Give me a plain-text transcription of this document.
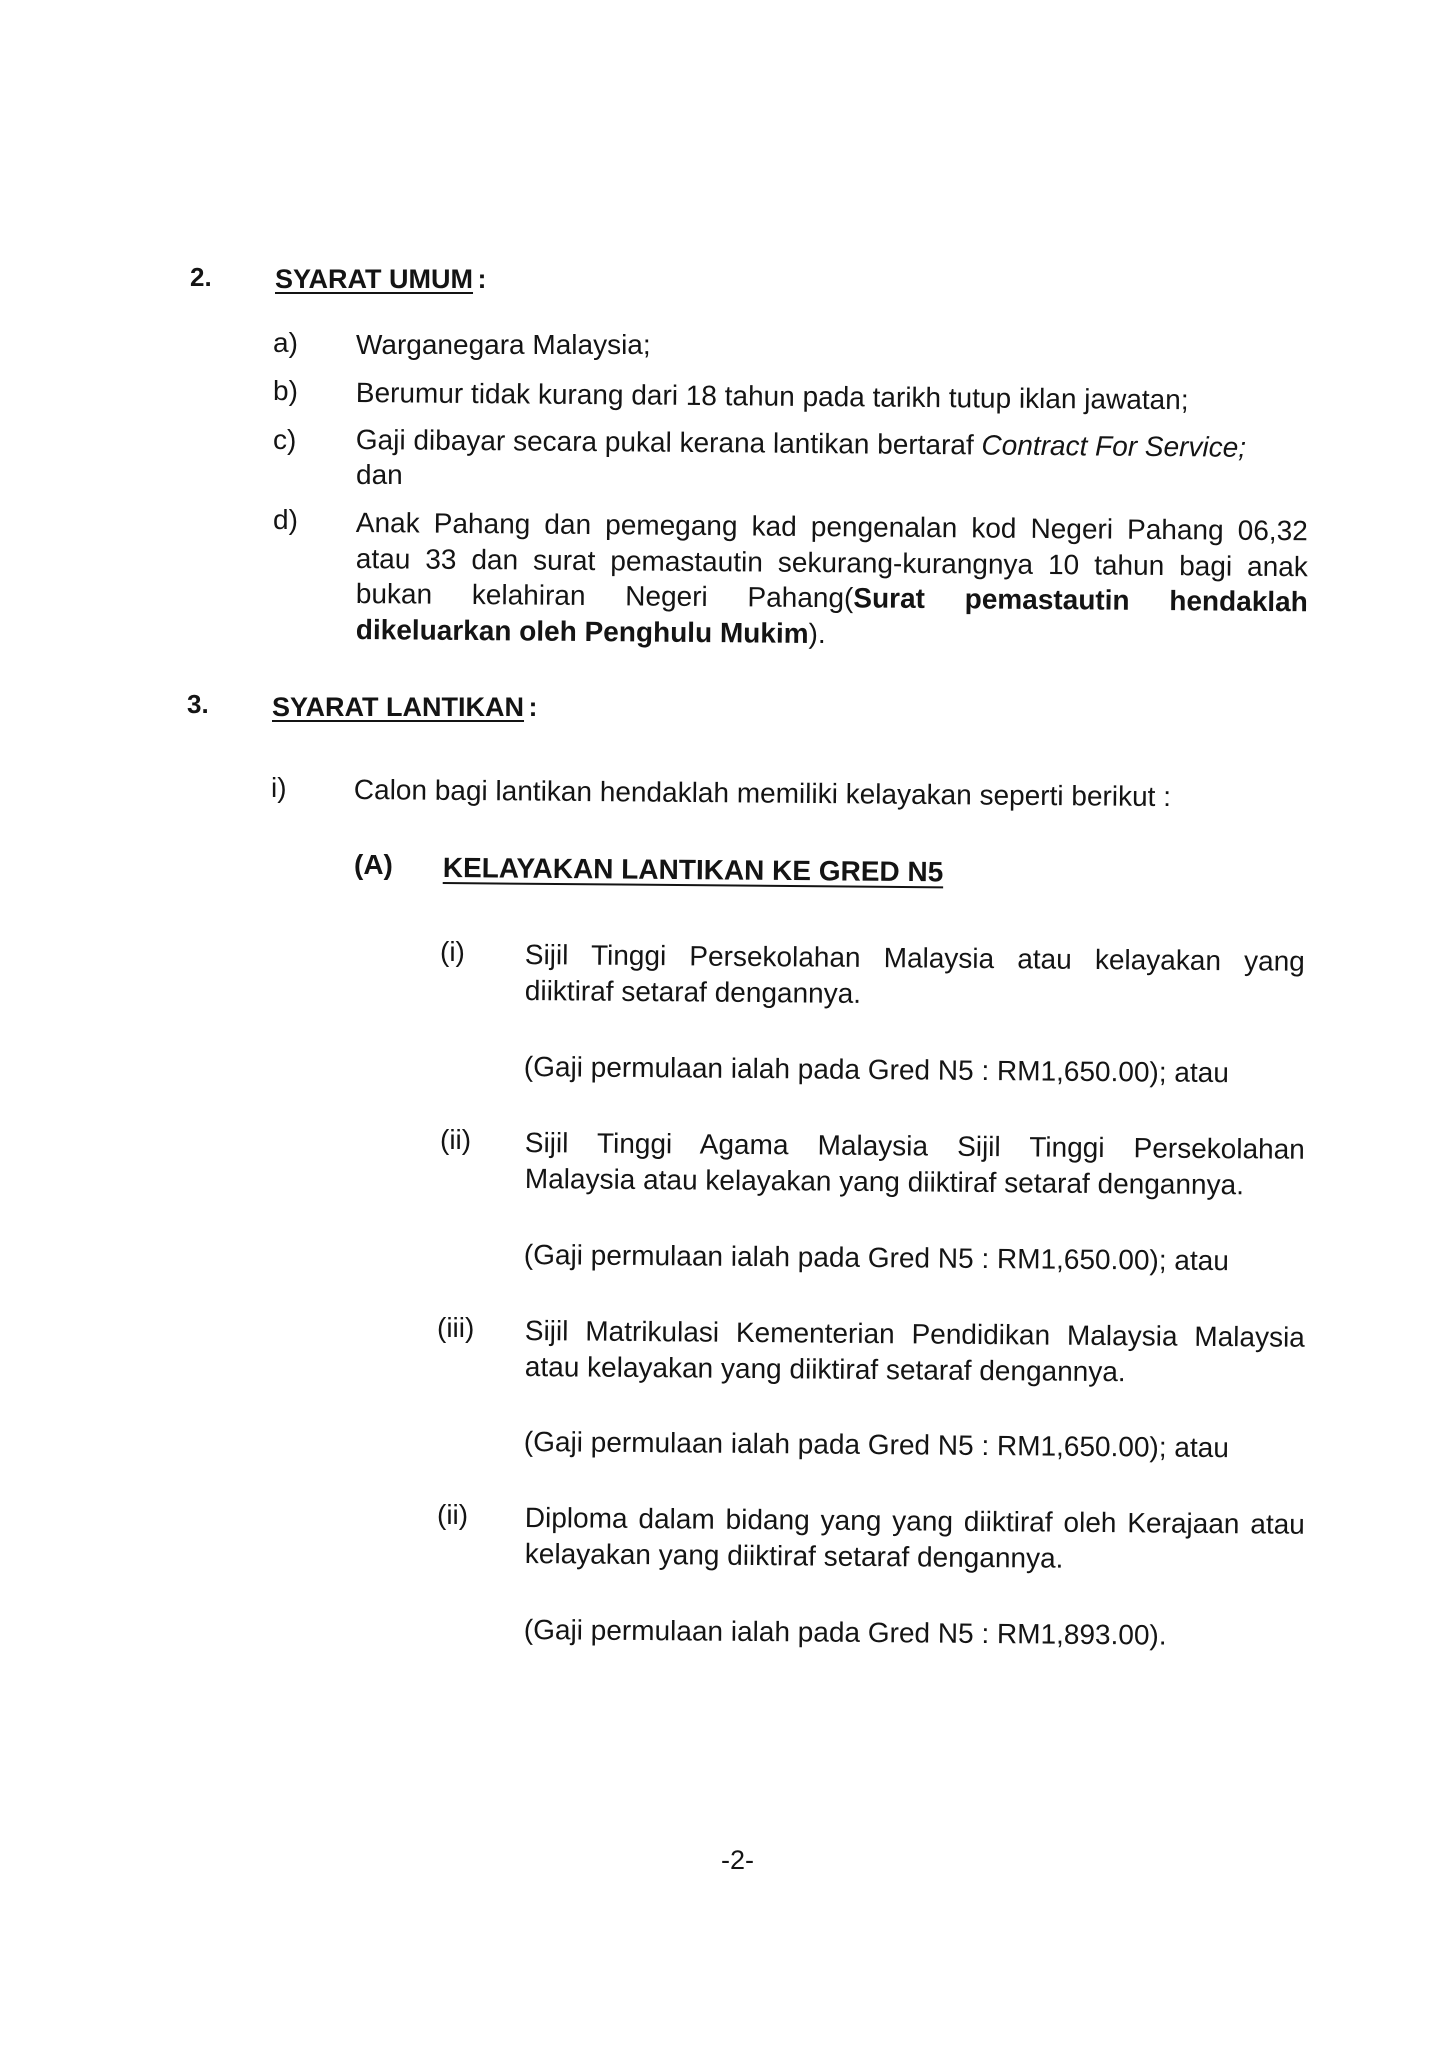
2. SYARAT UMUM :
a) Warganegara Malaysia;
b) Berumur tidak kurang dari 18 tahun pada tarikh tutup iklan jawatan;
c) Gaji dibayar secara pukal kerana lantikan bertaraf Contract For Service;
dan
d) Anak Pahang dan pemegang kad pengenalan kod Negeri Pahang 06,32
atau 33 dan surat pemastautin sekurang-kurangnya 10 tahun bagi anak
bukan kelahiran Negeri Pahang(Surat pemastautin hendaklah
dikeluarkan oleh Penghulu Mukim).
3. SYARAT LANTIKAN :
i) Calon bagi lantikan hendaklah memiliki kelayakan seperti berikut :
(A) KELAYAKAN LANTIKAN KE GRED N5
(i) Sijil Tinggi Persekolahan Malaysia atau kelayakan yang
diiktiraf setaraf dengannya.
(Gaji permulaan ialah pada Gred N5 : RM1,650.00); atau
(ii) Sijil Tinggi Agama Malaysia Sijil Tinggi Persekolahan
Malaysia atau kelayakan yang diiktiraf setaraf dengannya.
(Gaji permulaan ialah pada Gred N5 : RM1,650.00); atau
(iii) Sijil Matrikulasi Kementerian Pendidikan Malaysia Malaysia
atau kelayakan yang diiktiraf setaraf dengannya.
(Gaji permulaan ialah pada Gred N5 : RM1,650.00); atau
(ii) Diploma dalam bidang yang yang diiktiraf oleh Kerajaan atau
kelayakan yang diiktiraf setaraf dengannya.
(Gaji permulaan ialah pada Gred N5 : RM1,893.00).
-2-
